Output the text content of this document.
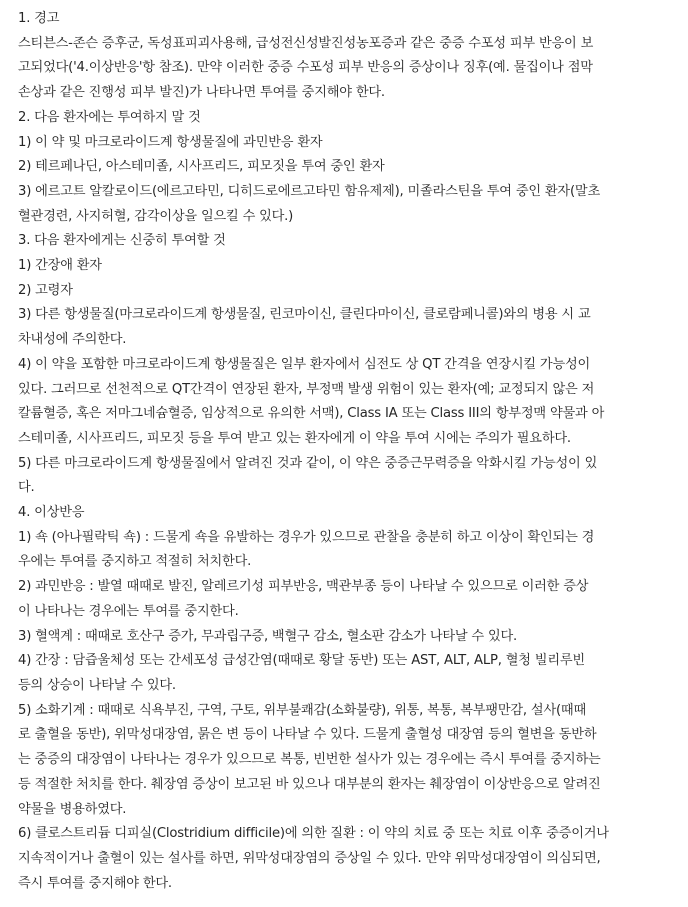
1. 경고

스티븐스-존슨 증후군, 독성표피괴사용해, 급성전신성발진성농포증과 같은 중증 수포성 피부 반응이 보
고되었다('4.이상반응'항 참조). 만약 이러한 중증 수포성 피부 반응의 증상이나 징후(예. 물집이나 점막
손상과 같은 진행성 피부 발진)가 나타나면 투여를 중지해야 한다.

2. 다음 환자에는 투여하지 말 것

1) 이 약 및 마크로라이드계 항생물질에 과민반응 환자

2) 테르페나딘, 아스테미졸, 시사프리드, 피모짓을 투여 중인 환자

3) 에르고트 알칼로이드(에르고타민, 디히드로에르고타민 함유제제), 미졸라스틴을 투여 중인 환자(말초
혈관경련, 사지허혈, 감각이상을 일으킬 수 있다.)

3. 다음 환자에게는 신중히 투여할 것

1) 간장애 환자

2) 고령자

3) 다른 항생물질(마크로라이드계 항생물질, 린코마이신, 클린다마이신, 클로람페니콜)와의 병용 시 교
차내성에 주의한다.

4) 이 약을 포함한 마크로라이드계 항생물질은 일부 환자에서 심전도 상 QT 간격을 연장시킬 가능성이
있다. 그러므로 선천적으로 QT간격이 연장된 환자, 부정맥 발생 위험이 있는 환자(예; 교정되지 않은 저
칼륨혈증, 혹은 저마그네슘혈증, 임상적으로 유의한 서맥), Class IA 또는 Class III의 항부정맥 약물과 아
스테미졸, 시사프리드, 피모짓 등을 투여 받고 있는 환자에게 이 약을 투여 시에는 주의가 필요하다.

5) 다른 마크로라이드계 항생물질에서 알려진 것과 같이, 이 약은 중증근무력증을 악화시킬 가능성이 있
다.

4. 이상반응

1) 쇽 (아나필락틱 쇽) : 드물게 쇽을 유발하는 경우가 있으므로 관찰을 충분히 하고 이상이 확인되는 경
우에는 투여를 중지하고 적절히 처치한다.

2) 과민반응 : 발열 때때로 발진, 알레르기성 피부반응, 맥관부종 등이 나타날 수 있으므로 이러한 증상
이 나타나는 경우에는 투여를 중지한다.

3) 혈액계 : 때때로 호산구 증가, 무과립구증, 백혈구 감소, 혈소판 감소가 나타날 수 있다.

4) 간장 : 담즙울체성 또는 간세포성 급성간염(때때로 황달 동반) 또는 AST, ALT, ALP, 혈청 빌리루빈
등의 상승이 나타날 수 있다.

5) 소화기계 : 때때로 식욕부진, 구역, 구토, 위부불쾌감(소화불량), 위통, 복통, 복부팽만감, 설사(때때
로 출혈을 동반), 위막성대장염, 묽은 변 등이 나타날 수 있다. 드물게 출혈성 대장염 등의 혈변을 동반하
는 중증의 대장염이 나타나는 경우가 있으므로 복통, 빈번한 설사가 있는 경우에는 즉시 투여를 중지하는
등 적절한 처치를 한다. 췌장염 증상이 보고된 바 있으나 대부분의 환자는 췌장염이 이상반응으로 알려진
약물을 병용하였다.

6) 클로스트리듐 디피실(Clostridium difficile)에 의한 질환 : 이 약의 치료 중 또는 치료 이후 중증이거나
지속적이거나 출혈이 있는 설사를 하면, 위막성대장염의 증상일 수 있다. 만약 위막성대장염이 의심되면,
즉시 투여를 중지해야 한다.
